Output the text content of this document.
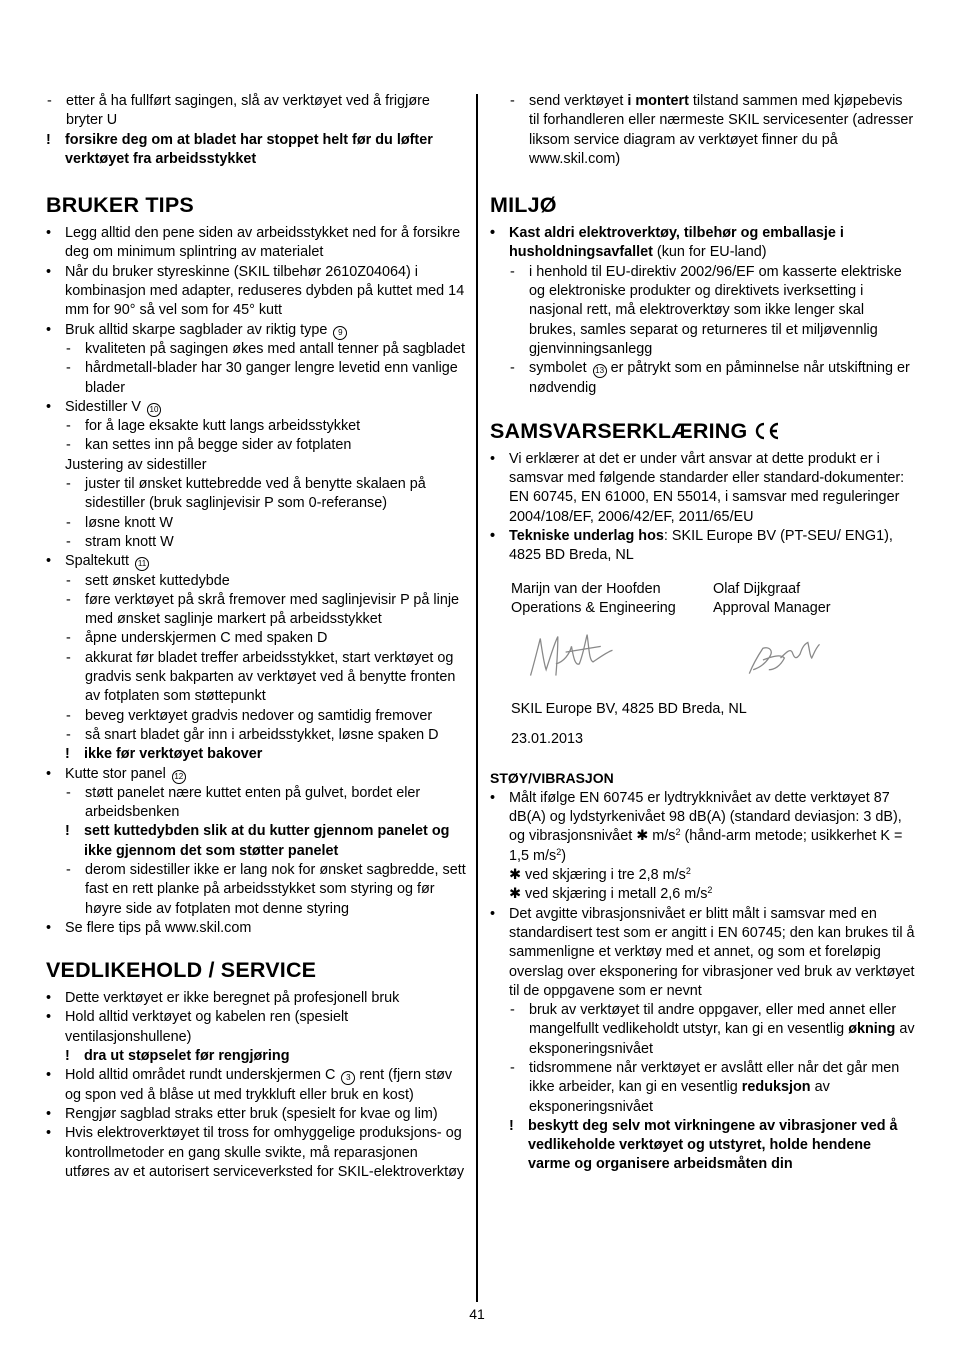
- etter å ha fullført sagingen, slå av verktøyet ved å frigjøre bryter U
! forsikre deg om at bladet har stoppet helt før du løfter verktøyet fra arbeidsstykket
BRUKER TIPS
• Legg alltid den pene siden av arbeidsstykket ned for å forsikre deg om minimum splintring av materialet
• Når du bruker styreskinne (SKIL tilbehør 2610Z04064) i kombinasjon med adapter, reduseres dybden på kuttet med 14 mm for 90° så vel som for 45° kutt
• Bruk alltid skarpe sagblader av riktig type 9
- kvaliteten på sagingen økes med antall tenner på sagbladet
- hårdmetall-blader har 30 ganger lengre levetid enn vanlige blader
• Sidestiller V 10
- for å lage eksakte kutt langs arbeidsstykket
- kan settes inn på begge sider av fotplaten
Justering av sidestiller
- juster til ønsket kuttebredde ved å benytte skalaen på sidestiller (bruk saglinjevisir P som 0-referanse)
- løsne knott W
- stram knott W
• Spaltekutt 11
- sett ønsket kuttedybde
- føre verktøyet på skrå fremover med saglinjevisir P på linje med ønsket saglinje markert på arbeidsstykket
- åpne underskjermen C med spaken D
- akkurat før bladet treffer arbeidsstykket, start verktøyet og gradvis senk bakparten av verktøyet ved å benytte fronten av fotplaten som støttepunkt
- beveg verktøyet gradvis nedover og samtidig fremover
- så snart bladet går inn i arbeidsstykket, løsne spaken D
! ikke før verktøyet bakover
• Kutte stor panel 12
- støtt panelet nære kuttet enten på gulvet, bordet eler arbeidsbenken
! sett kuttedybden slik at du kutter gjennom panelet og ikke gjennom det som støtter panelet
- derom sidestiller ikke er lang nok for ønsket sagbredde, sett fast en rett planke på arbeidsstykket som styring og før høyre side av fotplaten mot denne styring
• Se flere tips på www.skil.com
VEDLIKEHOLD / SERVICE
• Dette verktøyet er ikke beregnet på profesjonell bruk
• Hold alltid verktøyet og kabelen ren (spesielt ventilasjonshullene)
! dra ut støpselet før rengjøring
• Hold alltid området rundt underskjermen C 3 rent (fjern støv og spon ved å blåse ut med trykkluft eller bruk en kost)
• Rengjør sagblad straks etter bruk (spesielt for kvae og lim)
• Hvis elektroverktøyet til tross for omhyggelige produksjons- og kontrollmetoder en gang skulle svikte, må reparasjonen utføres av et autorisert serviceverksted for SKIL-elektroverktøy
- send verktøyet i montert tilstand sammen med kjøpebevis til forhandleren eller nærmeste SKIL servicesenter (adresser liksom service diagram av verktøyet finner du på www.skil.com)
MILJØ
• Kast aldri elektroverktøy, tilbehør og emballasje i husholdningsavfallet (kun for EU-land)
- i henhold til EU-direktiv 2002/96/EF om kasserte elektriske og elektroniske produkter og direktivets iverksetting i nasjonal rett, må elektroverktøy som ikke lenger skal brukes, samles separat og returneres til et miljøvennlig gjenvinningsanlegg
- symbolet 13 er påtrykt som en påminnelse når utskiftning er nødvendig
SAMSVARSERKLÆRING
• Vi erklærer at det er under vårt ansvar at dette produkt er i samsvar med følgende standarder eller standard-dokumenter: EN 60745, EN 61000, EN 55014, i samsvar med reguleringer 2004/108/EF, 2006/42/EF, 2011/65/EU
• Tekniske underlag hos: SKIL Europe BV (PT-SEU/ ENG1), 4825 BD Breda, NL
Marijn van der Hoofden
Operations & Engineering
Olaf Dijkgraaf
Approval Manager
SKIL Europe BV, 4825 BD Breda, NL
23.01.2013
STØY/VIBRASJON
• Målt ifølge EN 60745 er lydtrykknivået av dette verktøyet 87 dB(A) og lydstyrkenivået 98 dB(A) (standard deviasjon: 3 dB), og vibrasjonsnivået ✱ $m/s^2$ (hånd-arm metode; usikkerhet K = 1,5 $m/s^2$)
✱ ved skjæring i tre 2,8 $m/s^2$
✱ ved skjæring i metall 2,6 $m/s^2$
• Det avgitte vibrasjonsnivået er blitt målt i samsvar med en standardisert test som er angitt i EN 60745; den kan brukes til å sammenligne et verktøy med et annet, og som et foreløpig overslag over eksponering for vibrasjoner ved bruk av verktøyet til de oppgavene som er nevnt
- bruk av verktøyet til andre oppgaver, eller med annet eller mangelfullt vedlikeholdt utstyr, kan gi en vesentlig økning av eksponeringsnivået
- tidsrommene når verktøyet er avslått eller når det går men ikke arbeider, kan gi en vesentlig reduksjon av eksponeringsnivået
! beskytt deg selv mot virkningene av vibrasjoner ved å vedlikeholde verktøyet og utstyret, holde hendene varme og organisere arbeidsmåten din
41
